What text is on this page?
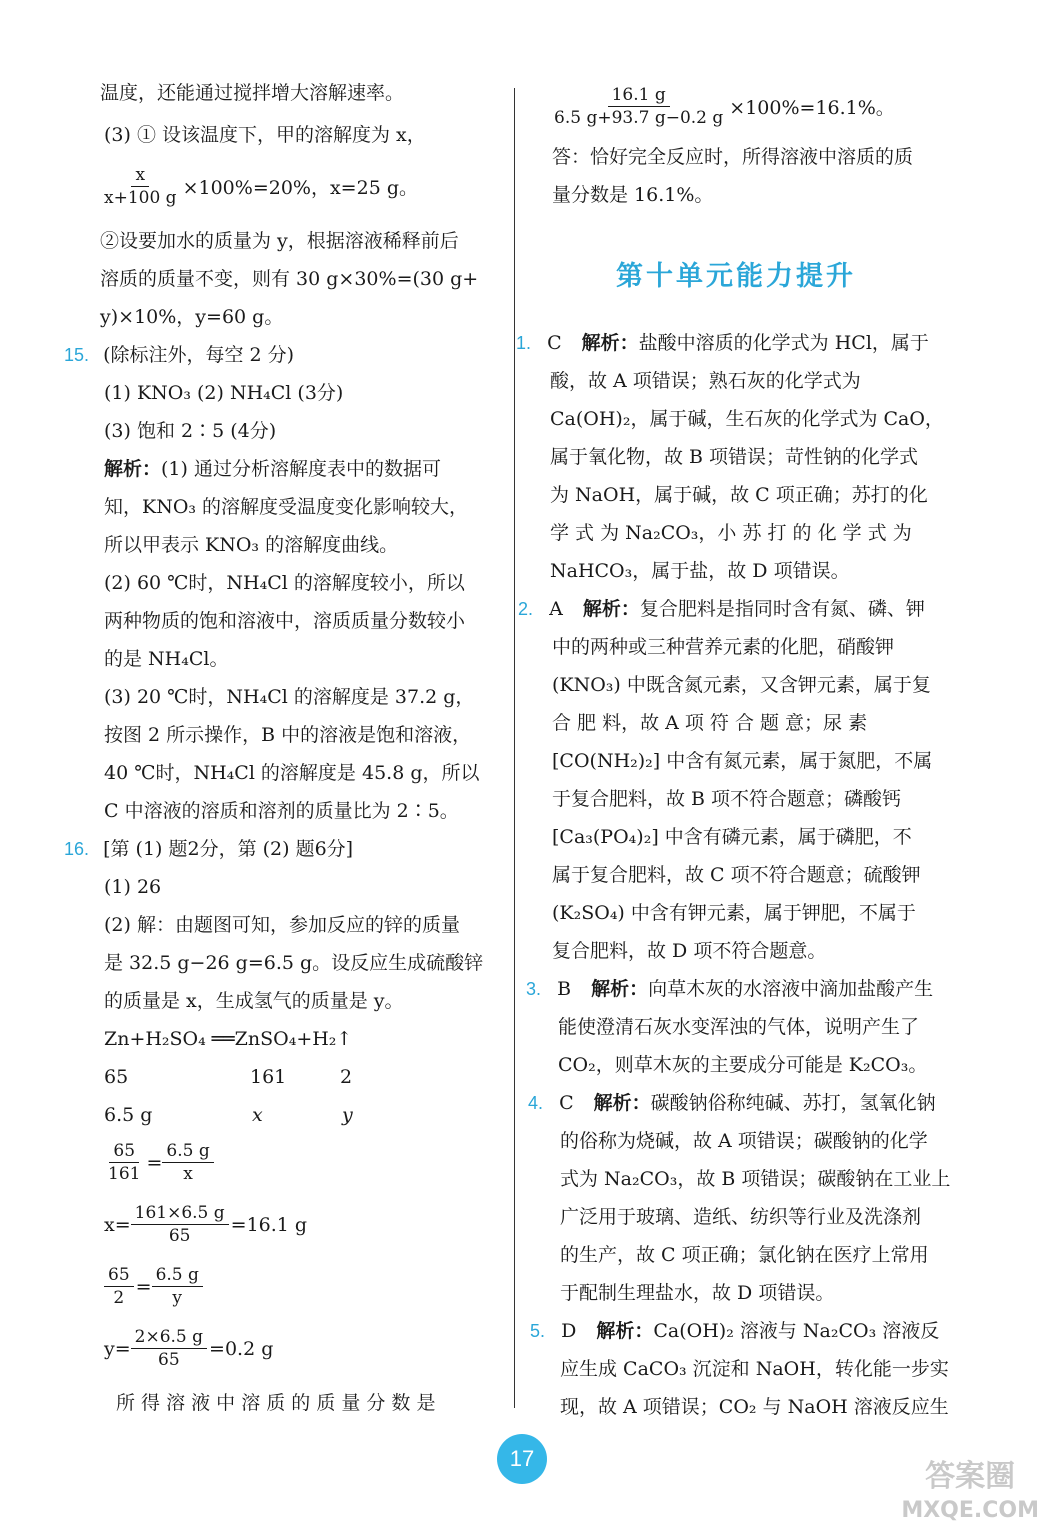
温度，还能通过搅拌增大溶解速率。
(3) ① 设该温度下，甲的溶解度为 x，
$\frac{x}{x+100 g} \times 100\%=20\%$，x=25 g。
②设要加水的质量为 y，根据溶液稀释前后
溶质的质量不变，则有 30 g×30%=(30 g+
y)×10%，y=60 g。
15. (除标注外，每空 2 分)
(1) KNO₃ (2) NH₄Cl (3分)
(3) 饱和 2∶5 (4分)
解析：(1) 通过分析溶解度表中的数据可
知，KNO₃ 的溶解度受温度变化影响较大，
所以甲表示 KNO₃ 的溶解度曲线。
(2) 60 ℃时，NH₄Cl 的溶解度较小，所以
两种物质的饱和溶液中，溶质质量分数较小
的是 NH₄Cl。
(3) 20 ℃时，NH₄Cl 的溶解度是 37.2 g，
按图 2 所示操作，B 中的溶液是饱和溶液，
40 ℃时，NH₄Cl 的溶解度是 45.8 g，所以
C 中溶液的溶质和溶剂的质量比为 2∶5。
16. [第 (1) 题2分，第 (2) 题6分]
(1) 26
(2) 解：由题图可知，参加反应的锌的质量
是 32.5 g−26 g=6.5 g。设反应生成硫酸锌
的质量是 x，生成氢气的质量是 y。
Zn+H₂SO₄ ══ZnSO₄+H₂↑
65	161	2
6.5 g	x	y
$\frac{65}{161} = \frac{6.5 g}{x}$
$x= \frac{161\times 6.5 g}{65} =16.1$ g
$\frac{65}{2} = \frac{6.5 g}{y}$
$y= \frac{2\times 6.5 g}{65} =0.2$ g
所 得 溶 液 中 溶 质 的 质 量 分 数 是
$\frac{16.1 g}{6.5 g+93.7 g-0.2 g} \times 100\%=16.1\%$。
答：恰好完全反应时，所得溶液中溶质的质
量分数是 16.1%。
第十单元能力提升
1. C 解析：盐酸中溶质的化学式为 HCl，属于
酸，故 A 项错误；熟石灰的化学式为
Ca(OH)₂，属于碱，生石灰的化学式为 CaO，
属于氧化物，故 B 项错误；苛性钠的化学式
为 NaOH，属于碱，故 C 项正确；苏打的化
学 式 为 Na₂CO₃，小 苏 打 的 化 学 式 为
NaHCO₃，属于盐，故 D 项错误。
2. A 解析：复合肥料是指同时含有氮、磷、钾
中的两种或三种营养元素的化肥，硝酸钾
(KNO₃) 中既含氮元素，又含钾元素，属于复
合 肥 料，故 A 项 符 合 题 意；尿 素
[CO(NH₂)₂] 中含有氮元素，属于氮肥，不属
于复合肥料，故 B 项不符合题意；磷酸钙
[Ca₃(PO₄)₂] 中含有磷元素，属于磷肥，不
属于复合肥料，故 C 项不符合题意；硫酸钾
(K₂SO₄) 中含有钾元素，属于钾肥，不属于
复合肥料，故 D 项不符合题意。
3. B 解析：向草木灰的水溶液中滴加盐酸产生
能使澄清石灰水变浑浊的气体，说明产生了
CO₂，则草木灰的主要成分可能是 K₂CO₃。
4. C 解析：碳酸钠俗称纯碱、苏打，氢氧化钠
的俗称为烧碱，故 A 项错误；碳酸钠的化学
式为 Na₂CO₃，故 B 项错误；碳酸钠在工业上
广泛用于玻璃、造纸、纺织等行业及洗涤剂
的生产，故 C 项正确；氯化钠在医疗上常用
于配制生理盐水，故 D 项错误。
5. D 解析：Ca(OH)₂ 溶液与 Na₂CO₃ 溶液反
应生成 CaCO₃ 沉淀和 NaOH，转化能一步实
现，故 A 项错误；CO₂ 与 NaOH 溶液反应生
17
答案圈
MXQE.COM
